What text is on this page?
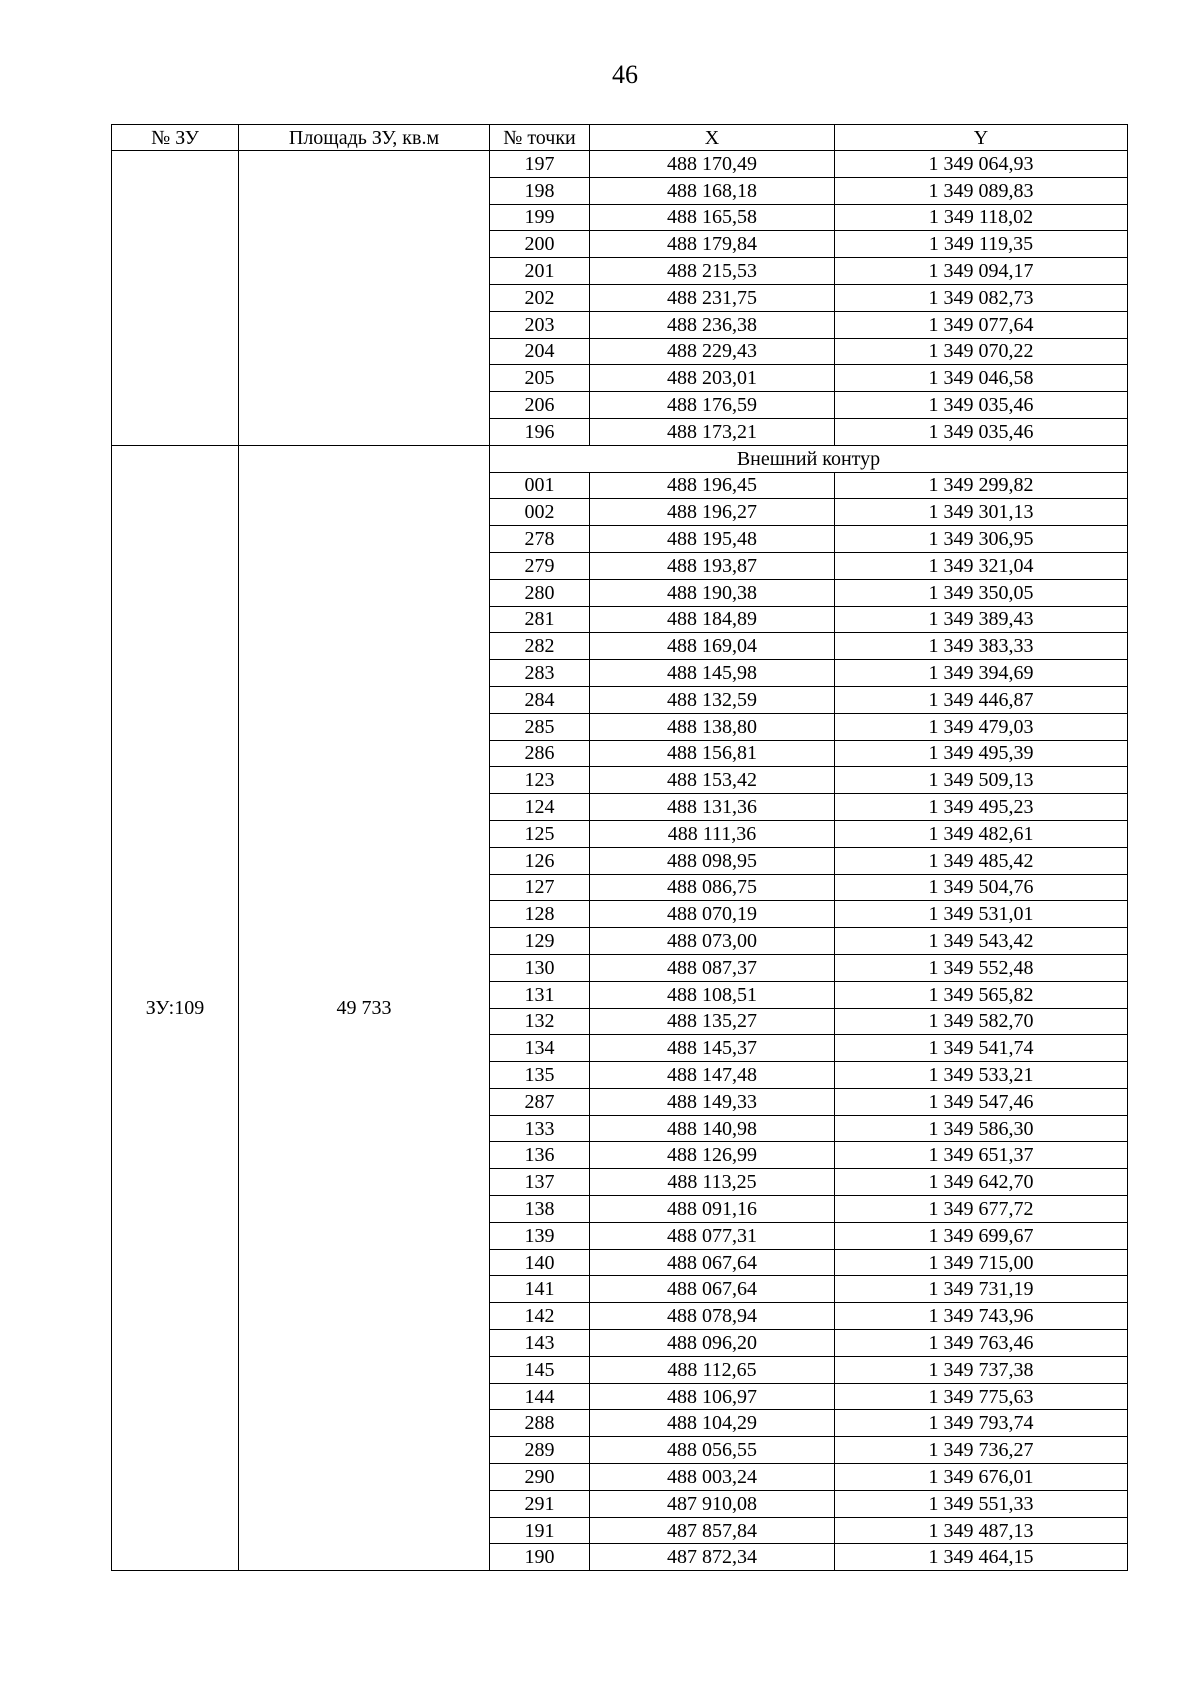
46
№ ЗУ	Площадь ЗУ, кв.м	№ точки	X	Y
		197	488 170,49	1 349 064,93
		198	488 168,18	1 349 089,83
		199	488 165,58	1 349 118,02
		200	488 179,84	1 349 119,35
		201	488 215,53	1 349 094,17
		202	488 231,75	1 349 082,73
		203	488 236,38	1 349 077,64
		204	488 229,43	1 349 070,22
		205	488 203,01	1 349 046,58
		206	488 176,59	1 349 035,46
		196	488 173,21	1 349 035,46
ЗУ:109	49 733	Внешний контур		
		001	488 196,45	1 349 299,82
		002	488 196,27	1 349 301,13
		278	488 195,48	1 349 306,95
		279	488 193,87	1 349 321,04
		280	488 190,38	1 349 350,05
		281	488 184,89	1 349 389,43
		282	488 169,04	1 349 383,33
		283	488 145,98	1 349 394,69
		284	488 132,59	1 349 446,87
		285	488 138,80	1 349 479,03
		286	488 156,81	1 349 495,39
		123	488 153,42	1 349 509,13
		124	488 131,36	1 349 495,23
		125	488 111,36	1 349 482,61
		126	488 098,95	1 349 485,42
		127	488 086,75	1 349 504,76
		128	488 070,19	1 349 531,01
		129	488 073,00	1 349 543,42
		130	488 087,37	1 349 552,48
		131	488 108,51	1 349 565,82
		132	488 135,27	1 349 582,70
		134	488 145,37	1 349 541,74
		135	488 147,48	1 349 533,21
		287	488 149,33	1 349 547,46
		133	488 140,98	1 349 586,30
		136	488 126,99	1 349 651,37
		137	488 113,25	1 349 642,70
		138	488 091,16	1 349 677,72
		139	488 077,31	1 349 699,67
		140	488 067,64	1 349 715,00
		141	488 067,64	1 349 731,19
		142	488 078,94	1 349 743,96
		143	488 096,20	1 349 763,46
		145	488 112,65	1 349 737,38
		144	488 106,97	1 349 775,63
		288	488 104,29	1 349 793,74
		289	488 056,55	1 349 736,27
		290	488 003,24	1 349 676,01
		291	487 910,08	1 349 551,33
		191	487 857,84	1 349 487,13
		190	487 872,34	1 349 464,15
